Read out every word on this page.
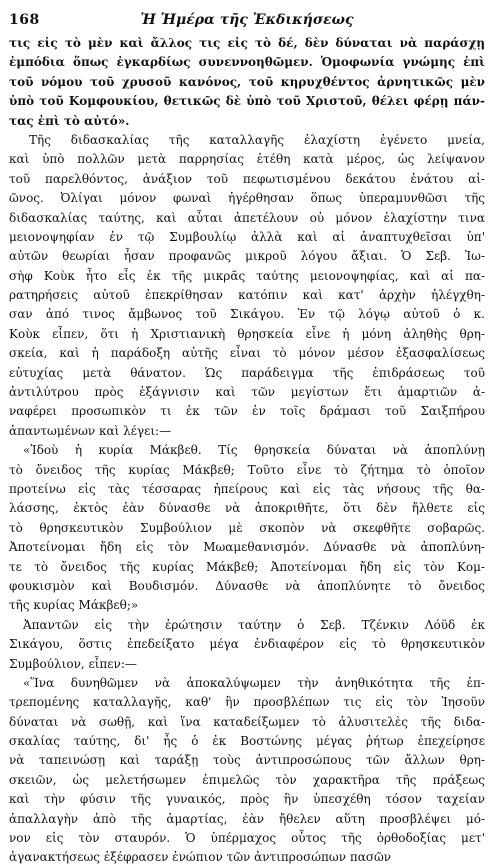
168	Ἡ Ἡμέρα τῆς Ἐκδικήσεως
τις εἰς τὸ μὲν καὶ ἄλλος τις εἰς τὸ δέ, δὲν δύναται νὰ παράσχῃ
ἐμπόδια ὅπως ἐγκαρδίως συνεννοηθῶμεν. Ὁμοφωνία γνώμης ἐπὶ
τοῦ νόμου τοῦ χρυσοῦ κανόνος, τοῦ κηρυχθέντος ἀρνητικῶς μὲν
ὑπὸ τοῦ Κομφουκίου, θετικῶς δὲ ὑπὸ τοῦ Χριστοῦ, θέλει φέρῃ πάν-
τας ἐπὶ τὸ αὐτό».
Τῆς διδασκαλίας τῆς καταλλαγῆς ἐλαχίστη ἐγένετο μνεία,
καὶ ὑπὸ πολλῶν μετὰ παρρησίας ἐτέθη κατὰ μέρος, ὡς λείψανον
τοῦ παρελθόντος, ἀνάξιον τοῦ πεφωτισμένου δεκάτου ἐνάτου αἰ-
ῶνος. Ὀλίγαι μόνον φωναὶ ἠγέρθησαν ὅπως ὑπεραμυνθῶσι τῆς
διδασκαλίας ταύτης, καὶ αὗται ἀπετέλουν οὐ μόνον ἐλαχίστην τινα
μειονοψηφίαν ἐν τῷ Συμβουλίῳ ἀλλὰ καὶ αἱ ἀναπτυχθεῖσαι ὑπ'
αὐτῶν θεωρίαι ἦσαν προφανῶς μικροῦ λόγου ἄξιαι. Ὁ Σεβ. Ἰω-
σὴφ Κοὺκ ἦτο εἷς ἐκ τῆς μικρᾶς ταύτης μειονοψηφίας, καὶ αἱ πα-
ρατηρήσεις αὐτοῦ ἐπεκρίθησαν κατόπιν καὶ κατ' ἀρχὴν ἠλέγχθη-
σαν ἀπό τινος ἄμβωνος τοῦ Σικάγου. Ἐν τῷ λόγῳ αὐτοῦ ὁ κ.
Κοὺκ εἶπεν, ὅτι ἡ Χριστιανικὴ θρησκεία εἶνε ἡ μόνη ἀληθὴς θρη-
σκεία, καὶ ἡ παράδοξη αὐτῆς εἶναι τὸ μόνον μέσον ἐξασφαλίσεως
εὐτυχίας μετὰ θάνατον. Ὡς παράδειγμα τῆς ἐπιδράσεως τοῦ
ἀντιλύτρου πρὸς ἐξάγνισιν καὶ τῶν μεγίστων ἔτι ἁμαρτιῶν ἀ-
ναφέρει προσωπικὸν τι ἐκ τῶν ἐν τοῖς δράμασι τοῦ Σαιξπήρου
ἀπαντωμένων καὶ λέγει:—
«Ἰδοὺ ἡ κυρία Μάκβεθ. Τίς θρησκεία δύναται νὰ ἀποπλύνῃ
τὸ ὄνειδος τῆς κυρίας Μάκβεθ; Τοῦτο εἶνε τὸ ζήτημα τὸ ὁποῖον
προτείνω εἰς τὰς τέσσαρας ἠπείρους καὶ εἰς τὰς νήσους τῆς θα-
λάσσης, ἐκτὸς ἐὰν δύνασθε νὰ ἀποκριθῆτε, ὅτι δὲν ἤλθετε εἰς
τὸ θρησκευτικὸν Συμβούλιον μὲ σκοπὸν νὰ σκεφθῆτε σοβαρῶς.
Ἀποτείνομαι ἤδη εἰς τὸν Μωαμεθανισμόν. Δύνασθε νὰ ἀποπλύνη-
τε τὸ ὄνειδος τῆς κυρίας Μάκβεθ; Ἀποτείνομαι ἤδη εἰς τὸν Κομ-
φουκισμὸν καὶ Βουδισμόν. Δύνασθε νὰ ἀποπλύνητε τὸ ὄνειδος
τῆς κυρίας Μάκβεθ;»
Ἀπαντῶν εἰς τὴν ἐρώτησιν ταύτην ὁ Σεβ. Τζένκιν Λόϋδ ἐκ
Σικάγου, ὅστις ἐπεδείξατο μέγα ἐνδιαφέρον εἰς τὸ θρησκευτικὸν
Συμβούλιον, εἶπεν:—
«Ἵνα δυνηθῶμεν νὰ ἀποκαλύψωμεν τὴν ἀνηθικότητα τῆς ἐπ-
τρεπομένης καταλλαγῆς, καθ' ἣν προσβλέπων τις εἰς τὸν Ἰησοῦν
δύναται νὰ σωθῇ, καὶ ἵνα καταδείξωμεν τὸ ἀλυσιτελὲς τῆς διδα-
σκαλίας ταύτης, δι' ἧς ὁ ἐκ Βοστώνης μέγας ῥήτωρ ἐπεχείρησε
νὰ ταπεινώσῃ καὶ ταράξῃ τοὺς ἀντιπροσώπους τῶν ἄλλων θρη-
σκειῶν, ὡς μελετήσωμεν ἐπιμελῶς τὸν χαρακτῆρα τῆς πράξεως
καὶ τὴν φύσιν τῆς γυναικός, πρὸς ἣν ὑπεσχέθη τόσον ταχείαν
ἀπαλλαγὴν ἀπὸ τῆς ἁμαρτίας, ἐὰν ἤθελεν αὕτη προσβλέψει μό-
νον εἰς τὸν σταυρόν. Ὁ ὑπέρμαχος οὗτος τῆς ὀρθοδοξίας μετ'
ἀγανακτήσεως ἐξέφρασεν ἐνώπιον τῶν ἀντιπροσώπων πασῶν
